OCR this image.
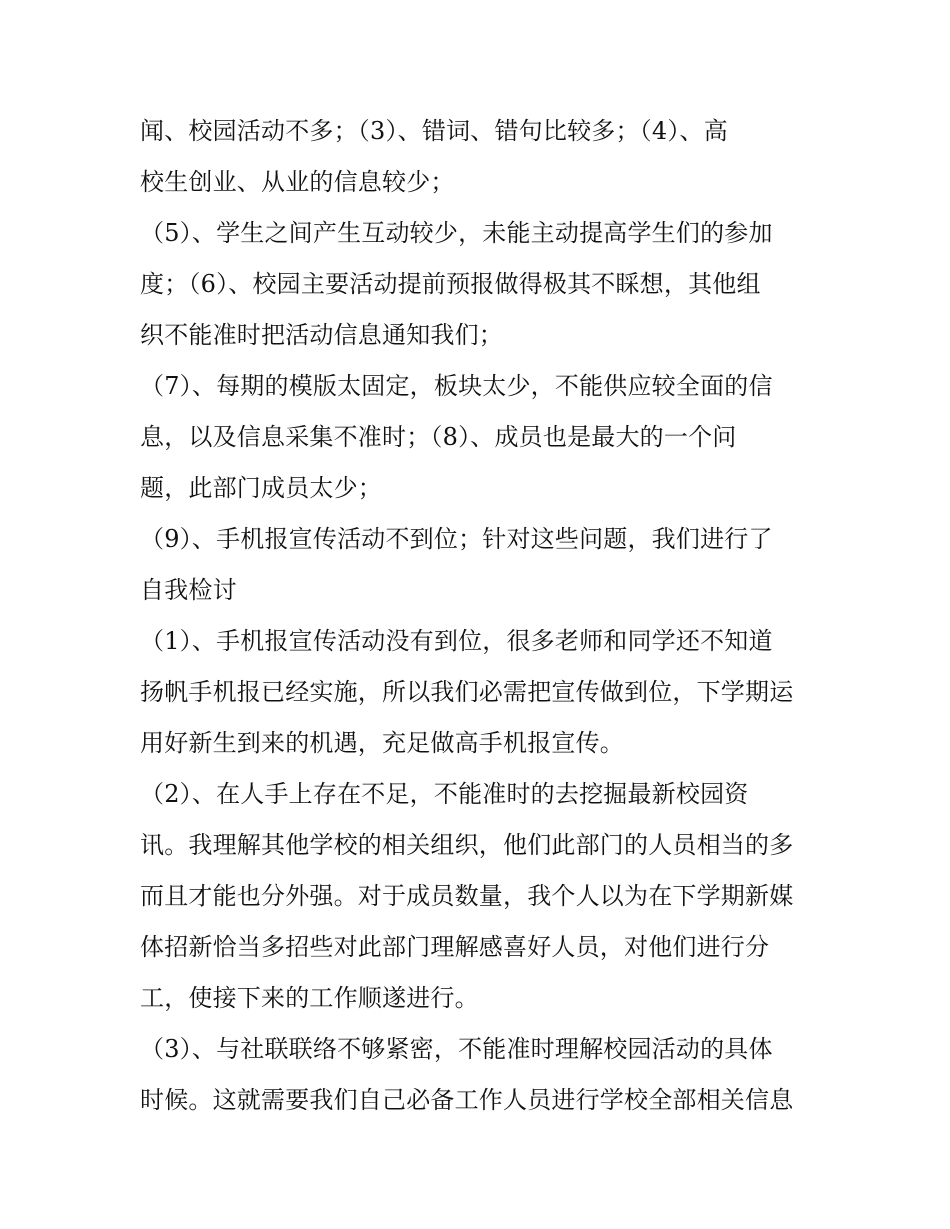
闻、校园活动不多；（3）、错词、错句比较多；（4）、高
校生创业、从业的信息较少；
（5）、学生之间产生互动较少，未能主动提高学生们的参加
度；（6）、校园主要活动提前预报做得极其不睬想，其他组
织不能准时把活动信息通知我们；
（7）、每期的模版太固定，板块太少，不能供应较全面的信
息，以及信息采集不准时；（8）、成员也是最大的一个问
题，此部门成员太少；
（9）、手机报宣传活动不到位；针对这些问题，我们进行了
自我检讨
（1）、手机报宣传活动没有到位，很多老师和同学还不知道
扬帆手机报已经实施，所以我们必需把宣传做到位，下学期运
用好新生到来的机遇，充足做高手机报宣传。
（2）、在人手上存在不足，不能准时的去挖掘最新校园资
讯。我理解其他学校的相关组织，他们此部门的人员相当的多
而且才能也分外强。对于成员数量，我个人以为在下学期新媒
体招新恰当多招些对此部门理解感喜好人员，对他们进行分
工，使接下来的工作顺遂进行。
（3）、与社联联络不够紧密，不能准时理解校园活动的具体
时候。这就需要我们自己必备工作人员进行学校全部相关信息
